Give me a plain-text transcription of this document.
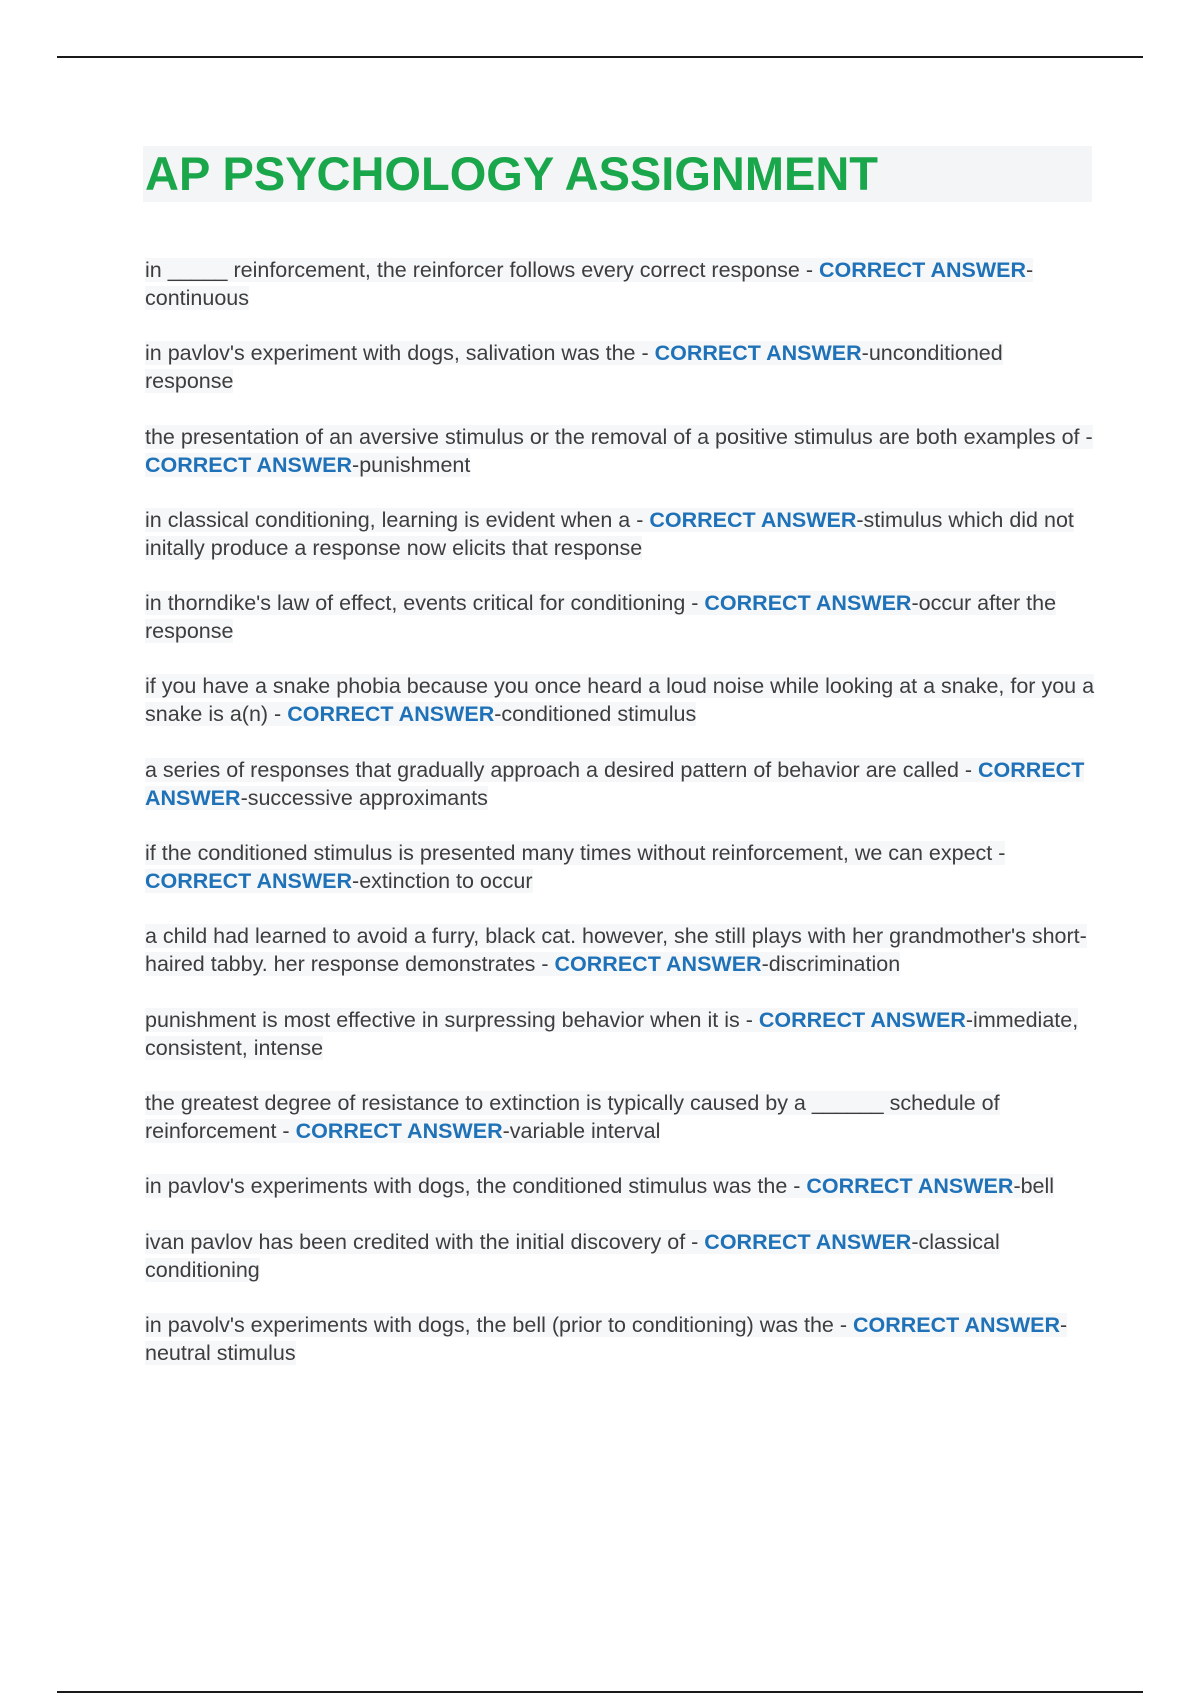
AP PSYCHOLOGY ASSIGNMENT

in _____ reinforcement, the reinforcer follows every correct response - CORRECT ANSWER-continuous

in pavlov's experiment with dogs, salivation was the - CORRECT ANSWER-unconditioned response

the presentation of an aversive stimulus or the removal of a positive stimulus are both examples of - CORRECT ANSWER-punishment

in classical conditioning, learning is evident when a - CORRECT ANSWER-stimulus which did not initally produce a response now elicits that response

in thorndike's law of effect, events critical for conditioning - CORRECT ANSWER-occur after the response

if you have a snake phobia because you once heard a loud noise while looking at a snake, for you a snake is a(n) - CORRECT ANSWER-conditioned stimulus

a series of responses that gradually approach a desired pattern of behavior are called - CORRECT ANSWER-successive approximants

if the conditioned stimulus is presented many times without reinforcement, we can expect - CORRECT ANSWER-extinction to occur

a child had learned to avoid a furry, black cat. however, she still plays with her grandmother's short-haired tabby. her response demonstrates - CORRECT ANSWER-discrimination

punishment is most effective in surpressing behavior when it is - CORRECT ANSWER-immediate, consistent, intense

the greatest degree of resistance to extinction is typically caused by a ______ schedule of reinforcement - CORRECT ANSWER-variable interval

in pavlov's experiments with dogs, the conditioned stimulus was the - CORRECT ANSWER-bell

ivan pavlov has been credited with the initial discovery of - CORRECT ANSWER-classical conditioning

in pavolv's experiments with dogs, the bell (prior to conditioning) was the - CORRECT ANSWER-neutral stimulus
